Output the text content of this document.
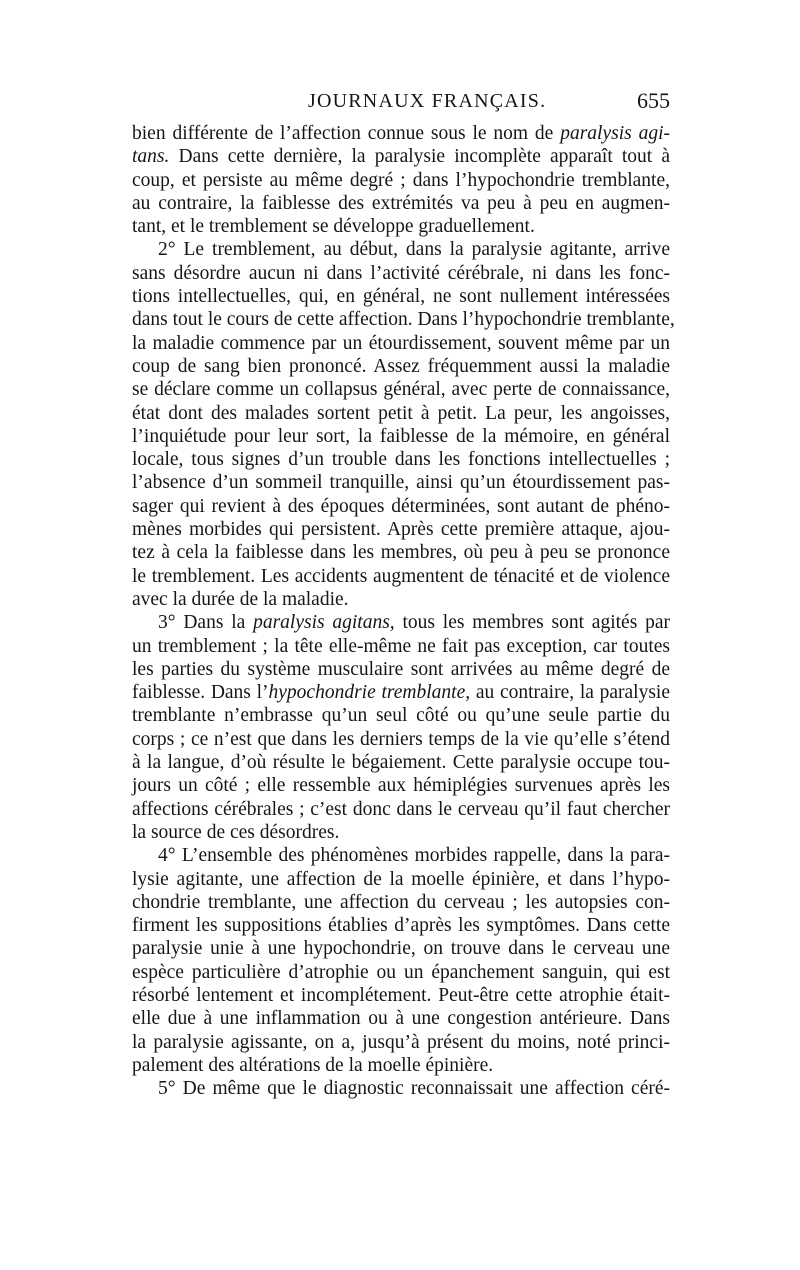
JOURNAUX FRANÇAIS.	655
bien différente de l’affection connue sous le nom de paralysis agi-
tans. Dans cette dernière, la paralysie incomplète apparaît tout à
coup, et persiste au même degré ; dans l’hypochondrie tremblante,
au contraire, la faiblesse des extrémités va peu à peu en augmen-
tant, et le tremblement se développe graduellement.
2° Le tremblement, au début, dans la paralysie agitante, arrive
sans désordre aucun ni dans l’activité cérébrale, ni dans les fonc-
tions intellectuelles, qui, en général, ne sont nullement intéressées
dans tout le cours de cette affection. Dans l’hypochondrie tremblante,
la maladie commence par un étourdissement, souvent même par un
coup de sang bien prononcé. Assez fréquemment aussi la maladie
se déclare comme un collapsus général, avec perte de connaissance,
état dont des malades sortent petit à petit. La peur, les angoisses,
l’inquiétude pour leur sort, la faiblesse de la mémoire, en général
locale, tous signes d’un trouble dans les fonctions intellectuelles ;
l’absence d’un sommeil tranquille, ainsi qu’un étourdissement pas-
sager qui revient à des époques déterminées, sont autant de phéno-
mènes morbides qui persistent. Après cette première attaque, ajou-
tez à cela la faiblesse dans les membres, où peu à peu se prononce
le tremblement. Les accidents augmentent de ténacité et de violence
avec la durée de la maladie.
3° Dans la paralysis agitans, tous les membres sont agités par
un tremblement ; la tête elle-même ne fait pas exception, car toutes
les parties du système musculaire sont arrivées au même degré de
faiblesse. Dans l’hypochondrie tremblante, au contraire, la paralysie
tremblante n’embrasse qu’un seul côté ou qu’une seule partie du
corps ; ce n’est que dans les derniers temps de la vie qu’elle s’étend
à la langue, d’où résulte le bégaiement. Cette paralysie occupe tou-
jours un côté ; elle ressemble aux hémiplégies survenues après les
affections cérébrales ; c’est donc dans le cerveau qu’il faut chercher
la source de ces désordres.
4° L’ensemble des phénomènes morbides rappelle, dans la para-
lysie agitante, une affection de la moelle épinière, et dans l’hypo-
chondrie tremblante, une affection du cerveau ; les autopsies con-
firment les suppositions établies d’après les symptômes. Dans cette
paralysie unie à une hypochondrie, on trouve dans le cerveau une
espèce particulière d’atrophie ou un épanchement sanguin, qui est
résorbé lentement et incomplétement. Peut-être cette atrophie était-
elle due à une inflammation ou à une congestion antérieure. Dans
la paralysie agissante, on a, jusqu’à présent du moins, noté princi-
palement des altérations de la moelle épinière.
5° De même que le diagnostic reconnaissait une affection céré-
